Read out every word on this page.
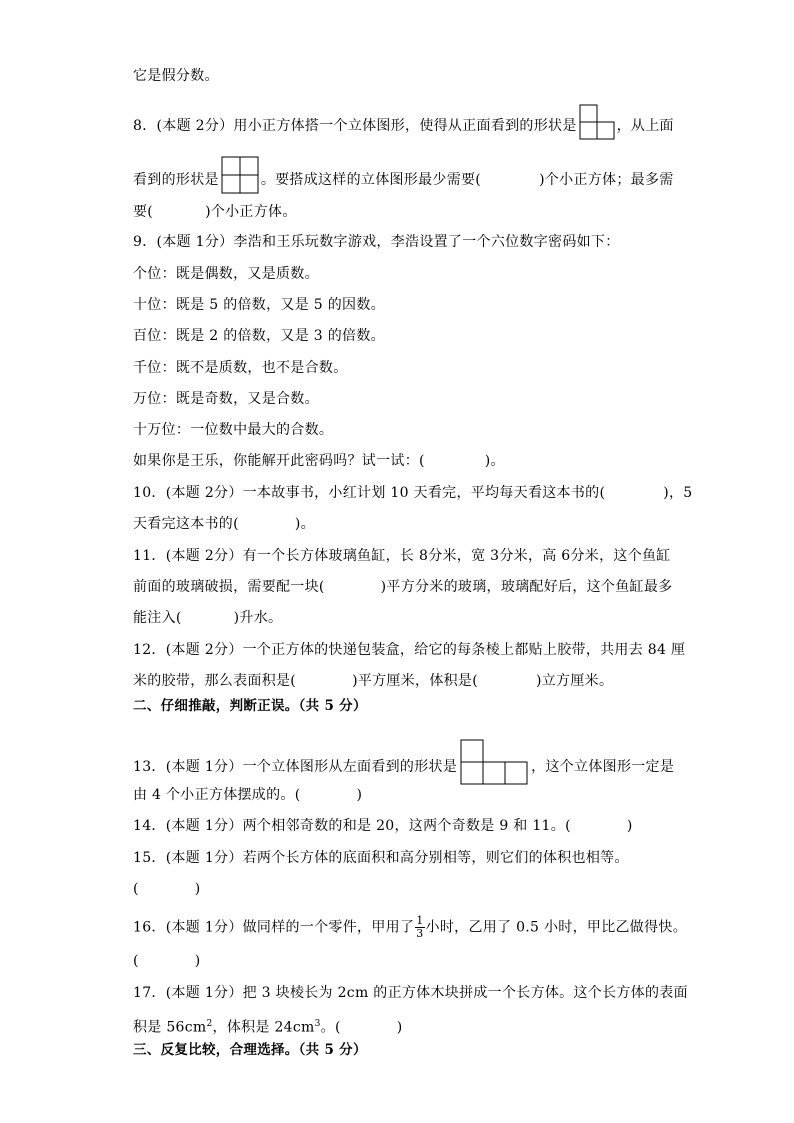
它是假分数。
8．(本题 2分）用小正方体搭一个立体图形，使得从正面看到的形状是	，从上面
看到的形状是	。要搭成这样的立体图形最少需要(	)个小正方体；最多需
要(	)个小正方体。
9．(本题 1分）李浩和王乐玩数字游戏，李浩设置了一个六位数字密码如下：
个位：既是偶数，又是质数。
十位：既是 5 的倍数，又是 5 的因数。
百位：既是 2 的倍数，又是 3 的倍数。
千位：既不是质数，也不是合数。
万位：既是奇数，又是合数。
十万位：一位数中最大的合数。
如果你是王乐，你能解开此密码吗？试一试：(	)。
10．(本题 2分）一本故事书，小红计划 10 天看完，平均每天看这本书的(	)，5
天看完这本书的(	)。
11．(本题 2分）有一个长方体玻璃鱼缸，长 8分米，宽 3分米，高 6分米，这个鱼缸
前面的玻璃破损，需要配一块(	)平方分米的玻璃，玻璃配好后，这个鱼缸最多
能注入(	)升水。
12．(本题 2分）一个正方体的快递包装盒，给它的每条棱上都贴上胶带，共用去 84 厘
米的胶带，那么表面积是(	)平方厘米，体积是(	)立方厘米。
二、仔细推敲，判断正误。（共 5 分）
13．(本题 1分）一个立体图形从左面看到的形状是	，这个立体图形一定是
由 4 个小正方体摆成的。(	)
14．(本题 1分）两个相邻奇数的和是 20，这两个奇数是 9 和 11。(	)
15．(本题 1分）若两个长方体的底面积和高分别相等，则它们的体积也相等。
(	)
16．(本题 1分）做同样的一个零件，甲用了 $\frac{1}{3}$ 小时，乙用了 0.5 小时，甲比乙做得快。
(	)
17．(本题 1分）把 3 块棱长为 2cm 的正方体木块拼成一个长方体。这个长方体的表面
积是 $56cm^2$，体积是 $24cm^3$。(	)
三、反复比较，合理选择。（共 5 分）
